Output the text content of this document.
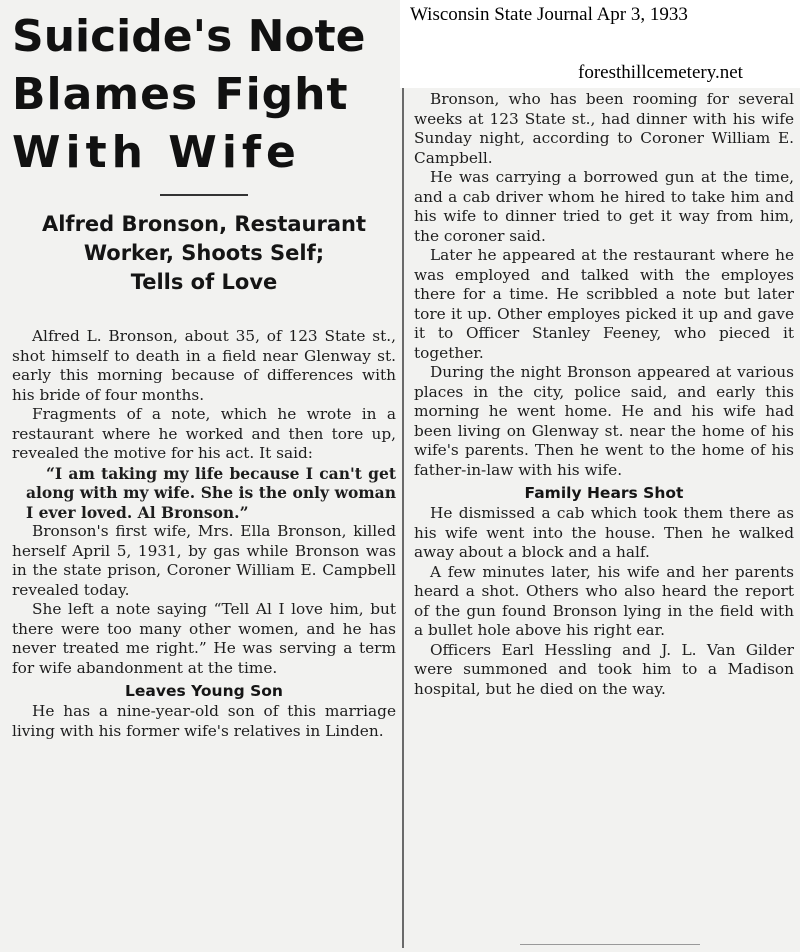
Wisconsin State Journal Apr 3, 1933
foresthillcemetery.net
Suicide's Note
Blames Fight
With Wife
Alfred Bronson, Restaurant
Worker, Shoots Self;
Tells of Love

Alfred L. Bronson, about 35, of 123 State st., shot himself to death in a field near Glenway st. early this morning because of differences with his bride of four months.

Fragments of a note, which he wrote in a restaurant where he worked and then tore up, revealed the motive for his act. It said:

“I am taking my life because I can't get along with my wife. She is the only woman I ever loved. Al Bronson.”

Bronson's first wife, Mrs. Ella Bronson, killed herself April 5, 1931, by gas while Bronson was in the state prison, Coroner William E. Campbell revealed today.

She left a note saying “Tell Al I love him, but there were too many other women, and he has never treated me right.” He was serving a term for wife abandonment at the time.

Leaves Young Son

He has a nine-year-old son of this marriage living with his former wife's relatives in Linden.

Bronson, who has been rooming for several weeks at 123 State st., had dinner with his wife Sunday night, according to Coroner William E. Campbell.

He was carrying a borrowed gun at the time, and a cab driver whom he hired to take him and his wife to dinner tried to get it way from him, the coroner said.

Later he appeared at the restaurant where he was employed and talked with the employes there for a time. He scribbled a note but later tore it up. Other employes picked it up and gave it to Officer Stanley Feeney, who pieced it together.

During the night Bronson appeared at various places in the city, police said, and early this morning he went home. He and his wife had been living on Glenway st. near the home of his wife's parents. Then he went to the home of his father-in-law with his wife.

Family Hears Shot

He dismissed a cab which took them there as his wife went into the house. Then he walked away about a block and a half.

A few minutes later, his wife and her parents heard a shot. Others who also heard the report of the gun found Bronson lying in the field with a bullet hole above his right ear.

Officers Earl Hessling and J. L. Van Gilder were summoned and took him to a Madison hospital, but he died on the way.
